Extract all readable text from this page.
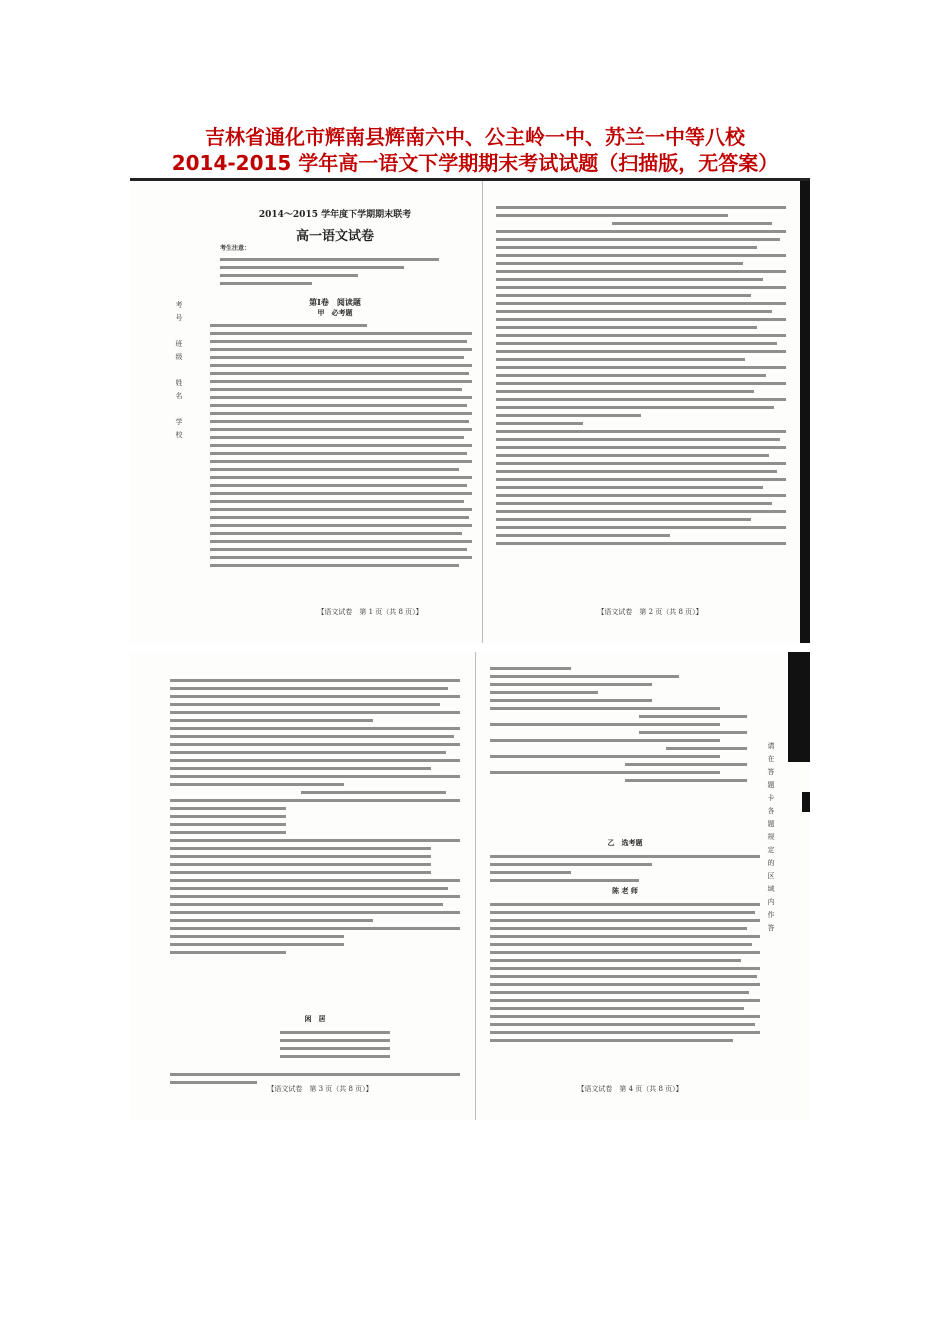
吉林省通化市辉南县辉南六中、公主岭一中、苏兰一中等八校
2014-2015 学年高一语文下学期期末考试试题（扫描版，无答案）
2014～2015 学年度下学期期末联考
高一语文试卷
考生注意：
第Ⅰ卷　阅读题
甲　必考题
考号　班级　姓名　学校
【语文试卷　第 1 页（共 8 页）】	【语文试卷　第 2 页（共 8 页）】
闲　居
乙　选考题
陈 老 师	请在答题卡各题规定的区域内作答
【语文试卷　第 3 页（共 8 页）】	【语文试卷　第 4 页（共 8 页）】
